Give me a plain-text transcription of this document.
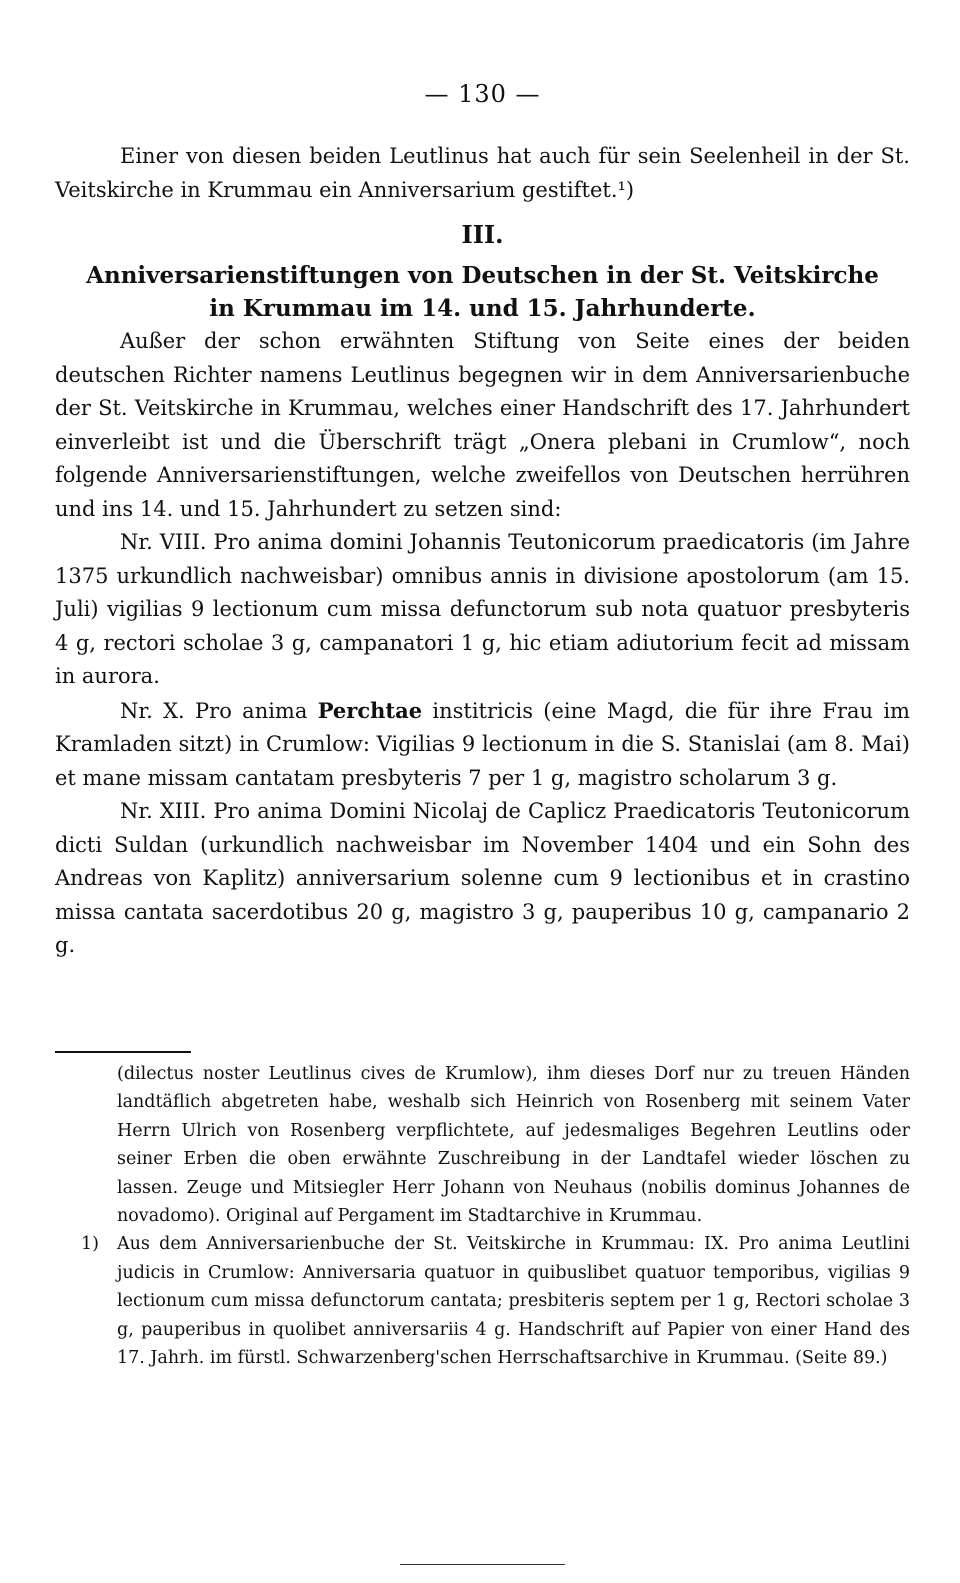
— 130 —

Einer von diesen beiden Leutlinus hat auch für sein Seelenheil in der St. Veitskirche in Krummau ein Anniversarium gestiftet.¹)

III.

Anniversarienstiftungen von Deutschen in der St. Veitskirche

in Krummau im 14. und 15. Jahrhunderte.

Außer der schon erwähnten Stiftung von Seite eines der beiden deutschen Richter namens Leutlinus begegnen wir in dem Anniversarienbuche der St. Veitskirche in Krummau, welches einer Handschrift des 17. Jahrhundert einverleibt ist und die Überschrift trägt „Onera plebani in Crumlow“, noch folgende Anniversarienstiftungen, welche zweifellos von Deutschen herrühren und ins 14. und 15. Jahrhundert zu setzen sind:

Nr. VIII. Pro anima domini Johannis Teutonicorum praedicatoris (im Jahre 1375 urkundlich nachweisbar) omnibus annis in divisione apostolorum (am 15. Juli) vigilias 9 lectionum cum missa defunctorum sub nota quatuor presbyteris 4 g, rectori scholae 3 g, campanatori 1 g, hic etiam adiutorium fecit ad missam in aurora.

Nr. X. Pro anima Perchtae institricis (eine Magd, die für ihre Frau im Kramladen sitzt) in Crumlow: Vigilias 9 lectionum in die S. Stanislai (am 8. Mai) et mane missam cantatam presbyteris 7 per 1 g, magistro scholarum 3 g.

Nr. XIII. Pro anima Domini Nicolaj de Caplicz Praedicatoris Teutonicorum dicti Suldan (urkundlich nachweisbar im November 1404 und ein Sohn des Andreas von Kaplitz) anniversarium solenne cum 9 lectionibus et in crastino missa cantata sacerdotibus 20 g, magistro 3 g, pauperibus 10 g, campanario 2 g.

(dilectus noster Leutlinus cives de Krumlow), ihm dieses Dorf nur zu treuen Händen landtäflich abgetreten habe, weshalb sich Heinrich von Rosenberg mit seinem Vater Herrn Ulrich von Rosenberg verpflichtete, auf jedesmaliges Begehren Leutlins oder seiner Erben die oben erwähnte Zuschreibung in der Landtafel wieder löschen zu lassen. Zeuge und Mitsiegler Herr Johann von Neuhaus (nobilis dominus Johannes de novadomo). Original auf Pergament im Stadtarchive in Krummau.

1) Aus dem Anniversarienbuche der St. Veitskirche in Krummau: IX. Pro anima Leutlini judicis in Crumlow: Anniversaria quatuor in quibuslibet quatuor temporibus, vigilias 9 lectionum cum missa defunctorum cantata; presbiteris septem per 1 g, Rectori scholae 3 g, pauperibus in quolibet anniversariis 4 g. Handschrift auf Papier von einer Hand des 17. Jahrh. im fürstl. Schwarzenberg'schen Herrschaftsarchive in Krummau. (Seite 89.)
